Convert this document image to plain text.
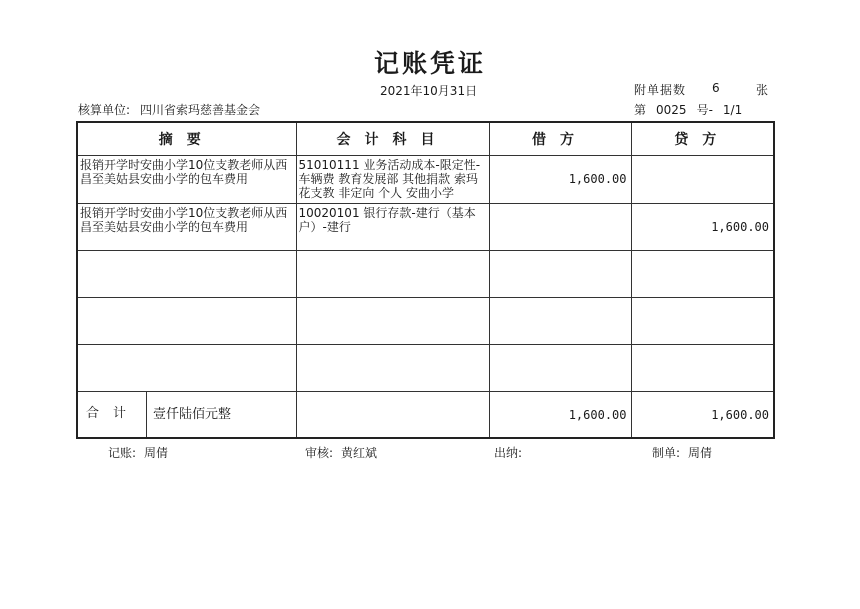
记账凭证
2021年10月31日	附单据数 6	张
核算单位: 四川省索玛慈善基金会	第 0025 号- 1/1
摘要	会计科目	借方	贷方
报销开学时安曲小学10位支教老师从西昌至美姑县安曲小学的包车费用	51010111 业务活动成本-限定性-车辆费 教育发展部 其他捐款 索玛花支教 非定向 个人 安曲小学	1,600.00	
报销开学时安曲小学10位支教老师从西昌至美姑县安曲小学的包车费用	10020101 银行存款-建行（基本户）-建行		1,600.00

合计 壹仟陆佰元整		1,600.00	1,600.00
记账: 周倩	审核: 黄红斌	出纳:	制单: 周倩
